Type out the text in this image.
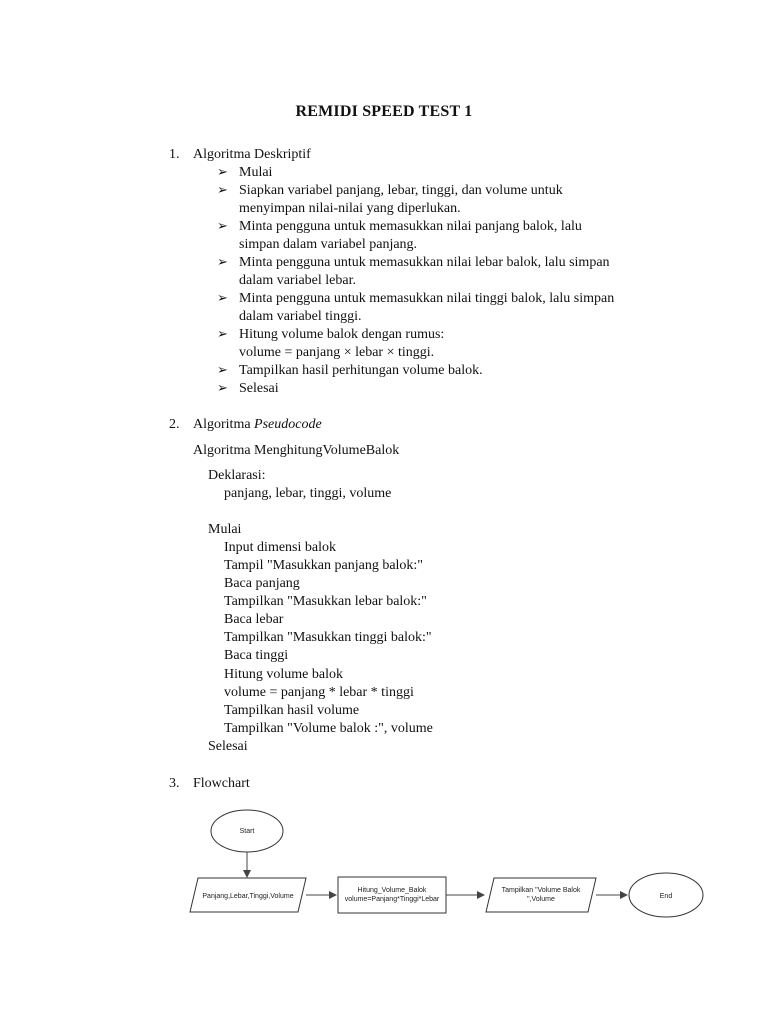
REMIDI SPEED TEST 1
1. Algoritma Deskriptif
➢ Mulai
➢ Siapkan variabel panjang, lebar, tinggi, dan volume untuk
menyimpan nilai-nilai yang diperlukan.
➢ Minta pengguna untuk memasukkan nilai panjang balok, lalu
simpan dalam variabel panjang.
➢ Minta pengguna untuk memasukkan nilai lebar balok, lalu simpan
dalam variabel lebar.
➢ Minta pengguna untuk memasukkan nilai tinggi balok, lalu simpan
dalam variabel tinggi.
➢ Hitung volume balok dengan rumus:
volume = panjang × lebar × tinggi.
➢ Tampilkan hasil perhitungan volume balok.
➢ Selesai
2. Algoritma Pseudocode
Algoritma MenghitungVolumeBalok
Deklarasi:
panjang, lebar, tinggi, volume
Mulai
Input dimensi balok
Tampil "Masukkan panjang balok:"
Baca panjang
Tampilkan "Masukkan lebar balok:"
Baca lebar
Tampilkan "Masukkan tinggi balok:"
Baca tinggi
Hitung volume balok
volume = panjang * lebar * tinggi
Tampilkan hasil volume
Tampilkan "Volume balok :", volume
Selesai
3. Flowchart
Start
Panjang,Lebar,Tinggi,Volume
Hitung_Volume_Balok
volume=Panjang*Tinggi*Lebar
Tampilkan "Volume Balok
",Volume	End
